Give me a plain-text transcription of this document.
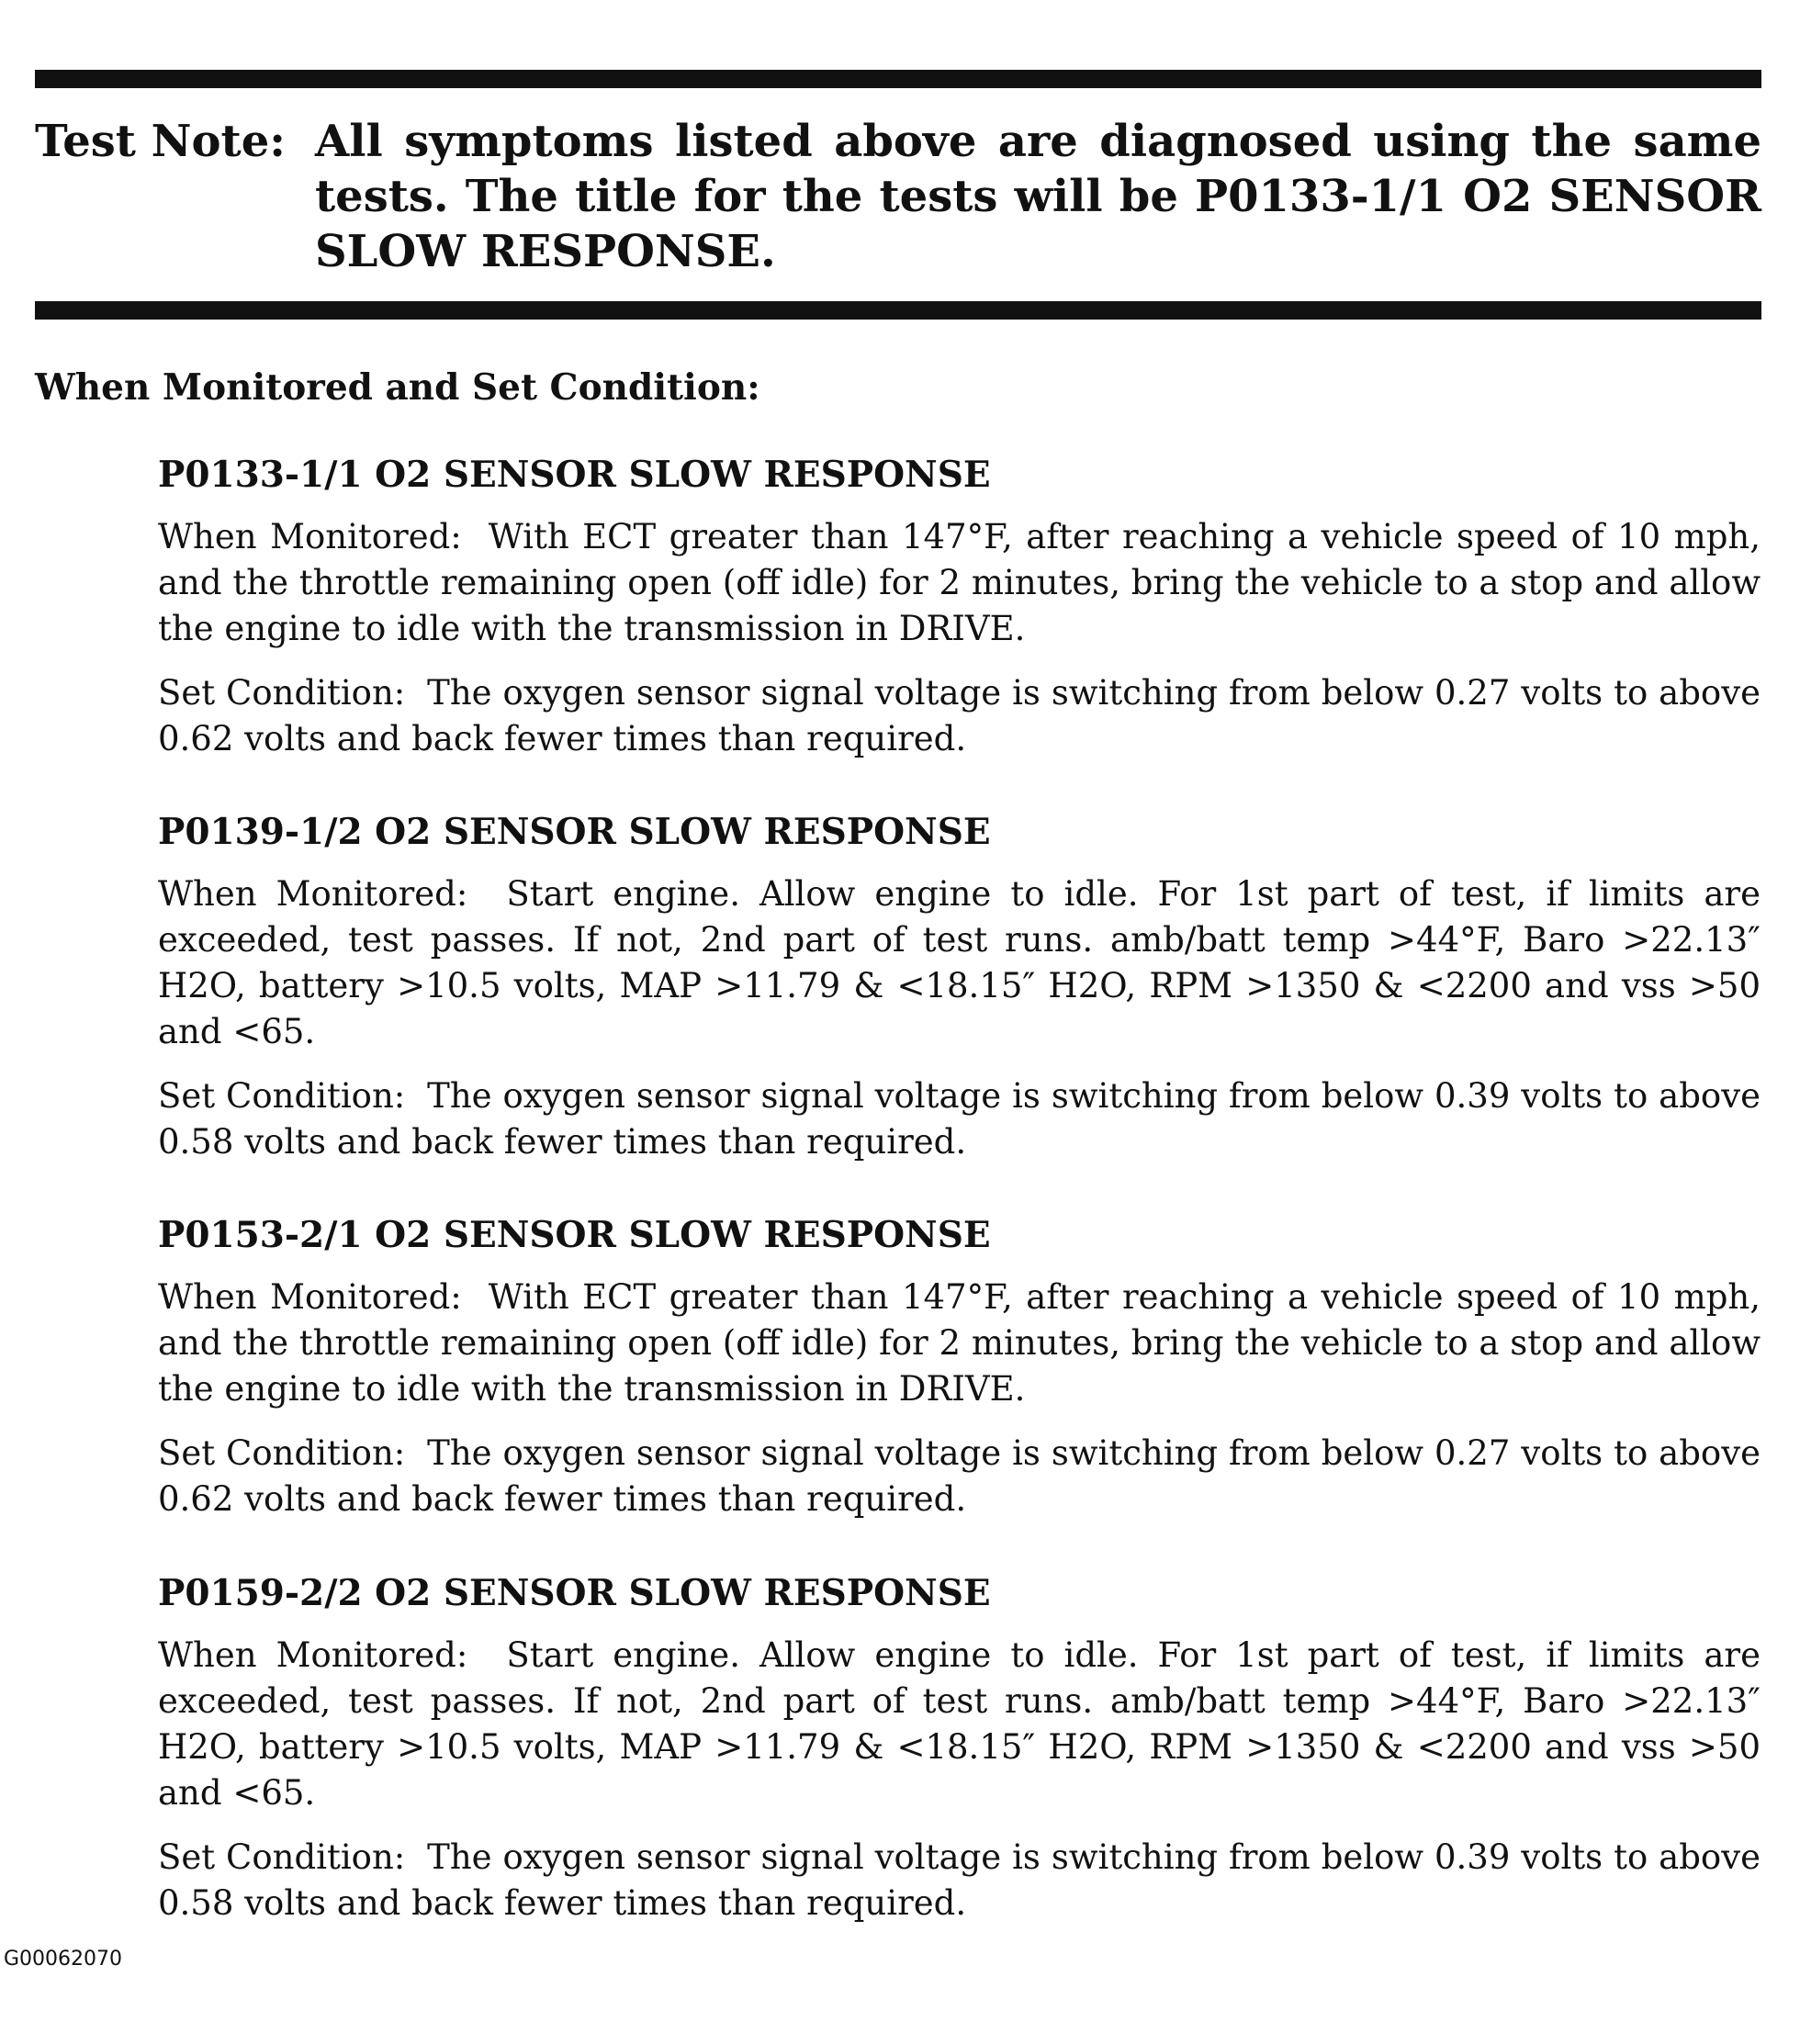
Test Note: All symptoms listed above are diagnosed using the same tests. The title for the tests will be P0133-1/1 O2 SENSOR SLOW RESPONSE.
When Monitored and Set Condition:
P0133-1/1 O2 SENSOR SLOW RESPONSE

When Monitored: With ECT greater than 147°F, after reaching a vehicle speed of 10 mph, and the throttle remaining open (off idle) for 2 minutes, bring the vehicle to a stop and allow the engine to idle with the transmission in DRIVE.

Set Condition: The oxygen sensor signal voltage is switching from below 0.27 volts to above 0.62 volts and back fewer times than required.

P0139-1/2 O2 SENSOR SLOW RESPONSE

When Monitored: Start engine. Allow engine to idle. For 1st part of test, if limits are exceeded, test passes. If not, 2nd part of test runs. amb/batt temp >44°F, Baro >22.13″ H2O, battery >10.5 volts, MAP >11.79 & <18.15″ H2O, RPM >1350 & <2200 and vss >50 and <65.

Set Condition: The oxygen sensor signal voltage is switching from below 0.39 volts to above 0.58 volts and back fewer times than required.

P0153-2/1 O2 SENSOR SLOW RESPONSE

When Monitored: With ECT greater than 147°F, after reaching a vehicle speed of 10 mph, and the throttle remaining open (off idle) for 2 minutes, bring the vehicle to a stop and allow the engine to idle with the transmission in DRIVE.

Set Condition: The oxygen sensor signal voltage is switching from below 0.27 volts to above 0.62 volts and back fewer times than required.

P0159-2/2 O2 SENSOR SLOW RESPONSE

When Monitored: Start engine. Allow engine to idle. For 1st part of test, if limits are exceeded, test passes. If not, 2nd part of test runs. amb/batt temp >44°F, Baro >22.13″ H2O, battery >10.5 volts, MAP >11.79 & <18.15″ H2O, RPM >1350 & <2200 and vss >50 and <65.

Set Condition: The oxygen sensor signal voltage is switching from below 0.39 volts to above 0.58 volts and back fewer times than required.

G00062070
